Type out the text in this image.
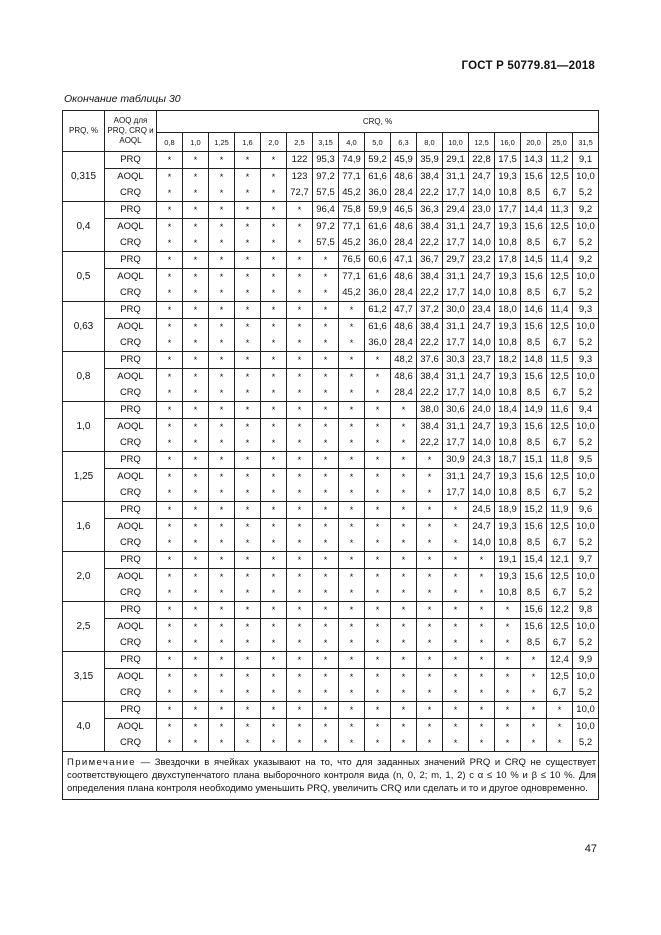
ГОСТ Р 50779.81—2018
Окончание таблицы 30
PRQ, %	AOQ для PRQ, CRQ и AOQL	CRQ, %																
		0,8	1,0	1,25	1,6	2,0	2,5	3,15	4,0	5,0	6,3	8,0	10,0	12,5	16,0	20,0	25,0	31,5
0,315	PRQ	*	*	*	*	*	122	95,3	74,9	59,2	45,9	35,9	29,1	22,8	17,5	14,3	11,2	9,1
	AOQL	*	*	*	*	*	123	97,2	77,1	61,6	48,6	38,4	31,1	24,7	19,3	15,6	12,5	10,0
	CRQ	*	*	*	*	*	72,7	57,5	45,2	36,0	28,4	22,2	17,7	14,0	10,8	8,5	6,7	5,2
0,4	PRQ	*	*	*	*	*	*	96,4	75,8	59,9	46,5	36,3	29,4	23,0	17,7	14,4	11,3	9,2
	AOQL	*	*	*	*	*	*	97,2	77,1	61,6	48,6	38,4	31,1	24,7	19,3	15,6	12,5	10,0
	CRQ	*	*	*	*	*	*	57,5	45,2	36,0	28,4	22,2	17,7	14,0	10,8	8,5	6,7	5,2
0,5	PRQ	*	*	*	*	*	*	*	76,5	60,6	47,1	36,7	29,7	23,2	17,8	14,5	11,4	9,2
	AOQL	*	*	*	*	*	*	*	77,1	61,6	48,6	38,4	31,1	24,7	19,3	15,6	12,5	10,0
	CRQ	*	*	*	*	*	*	*	45,2	36,0	28,4	22,2	17,7	14,0	10,8	8,5	6,7	5,2
0,63	PRQ	*	*	*	*	*	*	*	*	61,2	47,7	37,2	30,0	23,4	18,0	14,6	11,4	9,3
	AOQL	*	*	*	*	*	*	*	*	61,6	48,6	38,4	31,1	24,7	19,3	15,6	12,5	10,0
	CRQ	*	*	*	*	*	*	*	*	36,0	28,4	22,2	17,7	14,0	10,8	8,5	6,7	5,2
0,8	PRQ	*	*	*	*	*	*	*	*	*	48,2	37,6	30,3	23,7	18,2	14,8	11,5	9,3
	AOQL	*	*	*	*	*	*	*	*	*	48,6	38,4	31,1	24,7	19,3	15,6	12,5	10,0
	CRQ	*	*	*	*	*	*	*	*	*	28,4	22,2	17,7	14,0	10,8	8,5	6,7	5,2
1,0	PRQ	*	*	*	*	*	*	*	*	*	*	38,0	30,6	24,0	18,4	14,9	11,6	9,4
	AOQL	*	*	*	*	*	*	*	*	*	*	38,4	31,1	24,7	19,3	15,6	12,5	10,0
	CRQ	*	*	*	*	*	*	*	*	*	*	22,2	17,7	14,0	10,8	8,5	6,7	5,2
1,25	PRQ	*	*	*	*	*	*	*	*	*	*	*	30,9	24,3	18,7	15,1	11,8	9,5
	AOQL	*	*	*	*	*	*	*	*	*	*	*	31,1	24,7	19,3	15,6	12,5	10,0
	CRQ	*	*	*	*	*	*	*	*	*	*	*	17,7	14,0	10,8	8,5	6,7	5,2
1,6	PRQ	*	*	*	*	*	*	*	*	*	*	*	*	24,5	18,9	15,2	11,9	9,6
	AOQL	*	*	*	*	*	*	*	*	*	*	*	*	24,7	19,3	15,6	12,5	10,0
	CRQ	*	*	*	*	*	*	*	*	*	*	*	*	14,0	10,8	8,5	6,7	5,2
2,0	PRQ	*	*	*	*	*	*	*	*	*	*	*	*	*	19,1	15,4	12,1	9,7
	AOQL	*	*	*	*	*	*	*	*	*	*	*	*	*	19,3	15,6	12,5	10,0
	CRQ	*	*	*	*	*	*	*	*	*	*	*	*	*	10,8	8,5	6,7	5,2
2,5	PRQ	*	*	*	*	*	*	*	*	*	*	*	*	*	*	15,6	12,2	9,8
	AOQL	*	*	*	*	*	*	*	*	*	*	*	*	*	*	15,6	12,5	10,0
	CRQ	*	*	*	*	*	*	*	*	*	*	*	*	*	*	8,5	6,7	5,2
3,15	PRQ	*	*	*	*	*	*	*	*	*	*	*	*	*	*	*	12,4	9,9
	AOQL	*	*	*	*	*	*	*	*	*	*	*	*	*	*	*	12,5	10,0
	CRQ	*	*	*	*	*	*	*	*	*	*	*	*	*	*	*	6,7	5,2
4,0	PRQ	*	*	*	*	*	*	*	*	*	*	*	*	*	*	*	*	10,0
	AOQL	*	*	*	*	*	*	*	*	*	*	*	*	*	*	*	*	10,0
	CRQ	*	*	*	*	*	*	*	*	*	*	*	*	*	*	*	*	5,2
Примечание — Звездочки в ячейках указывают на то, что для заданных значений PRQ и CRQ не существует соответствующего двухступенчатого плана выборочного контроля вида (n, 0, 2; m, 1, 2) с α ≤ 10 % и β ≤ 10 %. Для определения плана контроля необходимо уменьшить PRQ, увеличить CRQ или сделать и то и другое одновременно.																		
47
